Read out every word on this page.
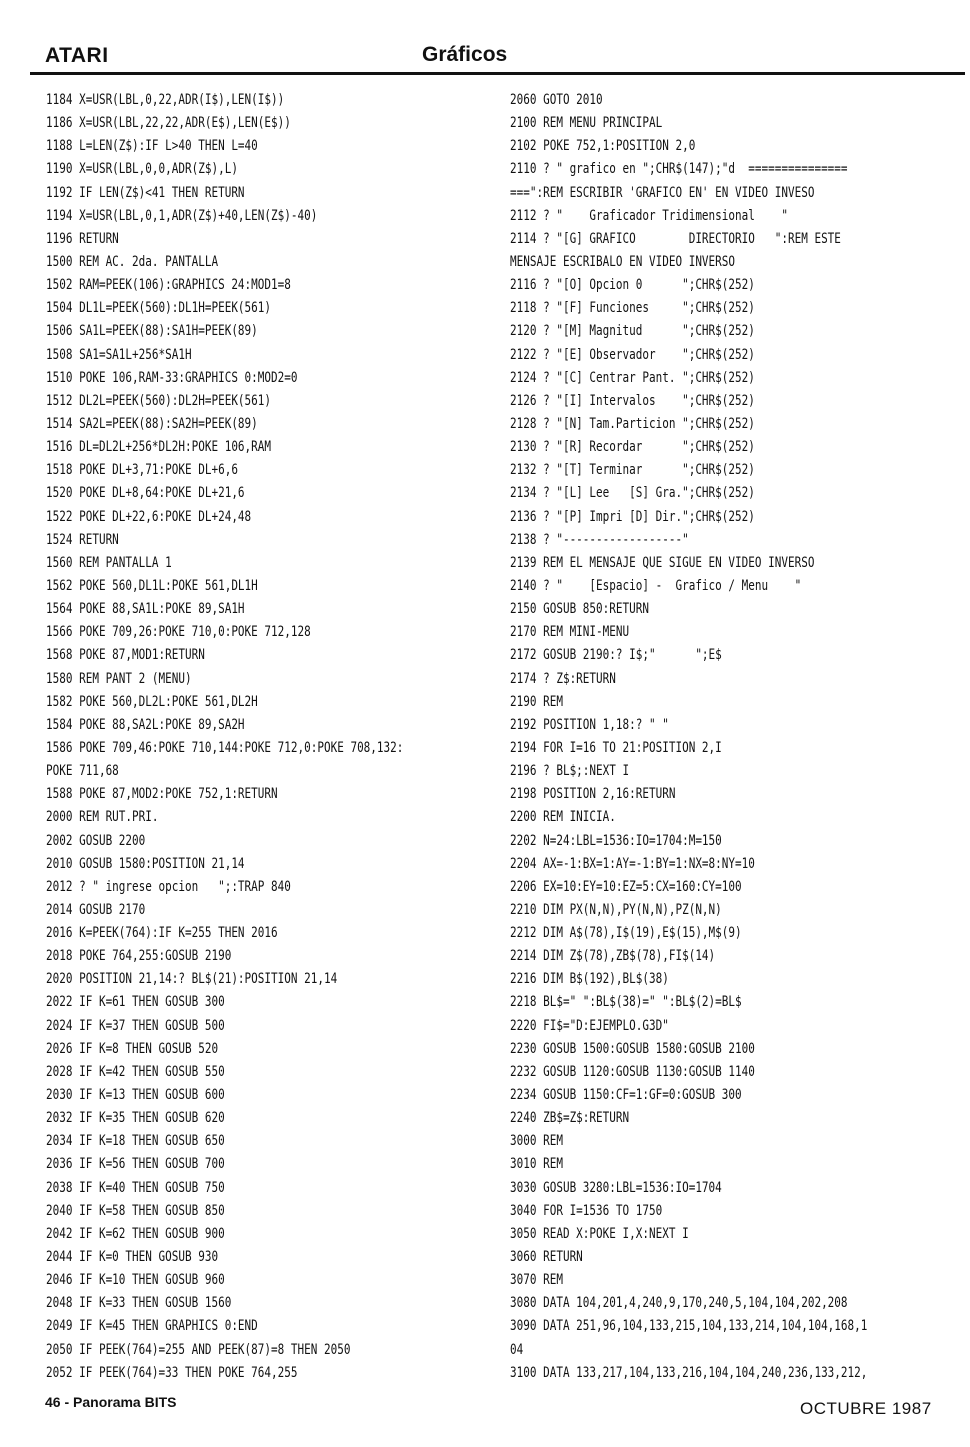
ATARI	Gráficos
1184 X=USR(LBL,0,22,ADR(I$),LEN(I$))
1186 X=USR(LBL,22,22,ADR(E$),LEN(E$))
1188 L=LEN(Z$):IF L>40 THEN L=40
1190 X=USR(LBL,0,0,ADR(Z$),L)
1192 IF LEN(Z$)<41 THEN RETURN
1194 X=USR(LBL,0,1,ADR(Z$)+40,LEN(Z$)-40)
1196 RETURN
1500 REM AC. 2da. PANTALLA
1502 RAM=PEEK(106):GRAPHICS 24:MOD1=8
1504 DL1L=PEEK(560):DL1H=PEEK(561)
1506 SA1L=PEEK(88):SA1H=PEEK(89)
1508 SA1=SA1L+256*SA1H
1510 POKE 106,RAM-33:GRAPHICS 0:MOD2=0
1512 DL2L=PEEK(560):DL2H=PEEK(561)
1514 SA2L=PEEK(88):SA2H=PEEK(89)
1516 DL=DL2L+256*DL2H:POKE 106,RAM
1518 POKE DL+3,71:POKE DL+6,6
1520 POKE DL+8,64:POKE DL+21,6
1522 POKE DL+22,6:POKE DL+24,48
1524 RETURN
1560 REM PANTALLA 1
1562 POKE 560,DL1L:POKE 561,DL1H
1564 POKE 88,SA1L:POKE 89,SA1H
1566 POKE 709,26:POKE 710,0:POKE 712,128
1568 POKE 87,MOD1:RETURN
1580 REM PANT 2 (MENU)
1582 POKE 560,DL2L:POKE 561,DL2H
1584 POKE 88,SA2L:POKE 89,SA2H
1586 POKE 709,46:POKE 710,144:POKE 712,0:POKE 708,132:
POKE 711,68
1588 POKE 87,MOD2:POKE 752,1:RETURN
2000 REM RUT.PRI.
2002 GOSUB 2200
2010 GOSUB 1580:POSITION 21,14
2012 ? " ingrese opcion   ";:TRAP 840
2014 GOSUB 2170
2016 K=PEEK(764):IF K=255 THEN 2016
2018 POKE 764,255:GOSUB 2190
2020 POSITION 21,14:? BL$(21):POSITION 21,14
2022 IF K=61 THEN GOSUB 300
2024 IF K=37 THEN GOSUB 500
2026 IF K=8 THEN GOSUB 520
2028 IF K=42 THEN GOSUB 550
2030 IF K=13 THEN GOSUB 600
2032 IF K=35 THEN GOSUB 620
2034 IF K=18 THEN GOSUB 650
2036 IF K=56 THEN GOSUB 700
2038 IF K=40 THEN GOSUB 750
2040 IF K=58 THEN GOSUB 850
2042 IF K=62 THEN GOSUB 900
2044 IF K=0 THEN GOSUB 930
2046 IF K=10 THEN GOSUB 960
2048 IF K=33 THEN GOSUB 1560
2049 IF K=45 THEN GRAPHICS 0:END
2050 IF PEEK(764)=255 AND PEEK(87)=8 THEN 2050
2052 IF PEEK(764)=33 THEN POKE 764,255
2060 GOTO 2010
2100 REM MENU PRINCIPAL
2102 POKE 752,1:POSITION 2,0
2110 ? " grafico en ";CHR$(147);"d  ===============
===":REM ESCRIBIR 'GRAFICO EN' EN VIDEO INVESO
2112 ? "    Graficador Tridimensional    "
2114 ? "[G] GRAFICO        DIRECTORIO   ":REM ESTE
MENSAJE ESCRIBALO EN VIDEO INVERSO
2116 ? "[O] Opcion 0      ";CHR$(252)
2118 ? "[F] Funciones     ";CHR$(252)
2120 ? "[M] Magnitud      ";CHR$(252)
2122 ? "[E] Observador    ";CHR$(252)
2124 ? "[C] Centrar Pant. ";CHR$(252)
2126 ? "[I] Intervalos    ";CHR$(252)
2128 ? "[N] Tam.Particion ";CHR$(252)
2130 ? "[R] Recordar      ";CHR$(252)
2132 ? "[T] Terminar      ";CHR$(252)
2134 ? "[L] Lee   [S] Gra.";CHR$(252)
2136 ? "[P] Impri [D] Dir.";CHR$(252)
2138 ? "------------------"
2139 REM EL MENSAJE QUE SIGUE EN VIDEO INVERSO
2140 ? "    [Espacio] -  Grafico / Menu    "
2150 GOSUB 850:RETURN
2170 REM MINI-MENU
2172 GOSUB 2190:? I$;"      ";E$
2174 ? Z$:RETURN
2190 REM
2192 POSITION 1,18:? " "
2194 FOR I=16 TO 21:POSITION 2,I
2196 ? BL$;:NEXT I
2198 POSITION 2,16:RETURN
2200 REM INICIA.
2202 N=24:LBL=1536:IO=1704:M=150
2204 AX=-1:BX=1:AY=-1:BY=1:NX=8:NY=10
2206 EX=10:EY=10:EZ=5:CX=160:CY=100
2210 DIM PX(N,N),PY(N,N),PZ(N,N)
2212 DIM A$(78),I$(19),E$(15),M$(9)
2214 DIM Z$(78),ZB$(78),FI$(14)
2216 DIM B$(192),BL$(38)
2218 BL$=" ":BL$(38)=" ":BL$(2)=BL$
2220 FI$="D:EJEMPLO.G3D"
2230 GOSUB 1500:GOSUB 1580:GOSUB 2100
2232 GOSUB 1120:GOSUB 1130:GOSUB 1140
2234 GOSUB 1150:CF=1:GF=0:GOSUB 300
2240 ZB$=Z$:RETURN
3000 REM
3010 REM
3030 GOSUB 3280:LBL=1536:IO=1704
3040 FOR I=1536 TO 1750
3050 READ X:POKE I,X:NEXT I
3060 RETURN
3070 REM
3080 DATA 104,201,4,240,9,170,240,5,104,104,202,208
3090 DATA 251,96,104,133,215,104,133,214,104,104,168,1
04
3100 DATA 133,217,104,133,216,104,104,240,236,133,212,
46 - Panorama BITS	OCTUBRE 1987
